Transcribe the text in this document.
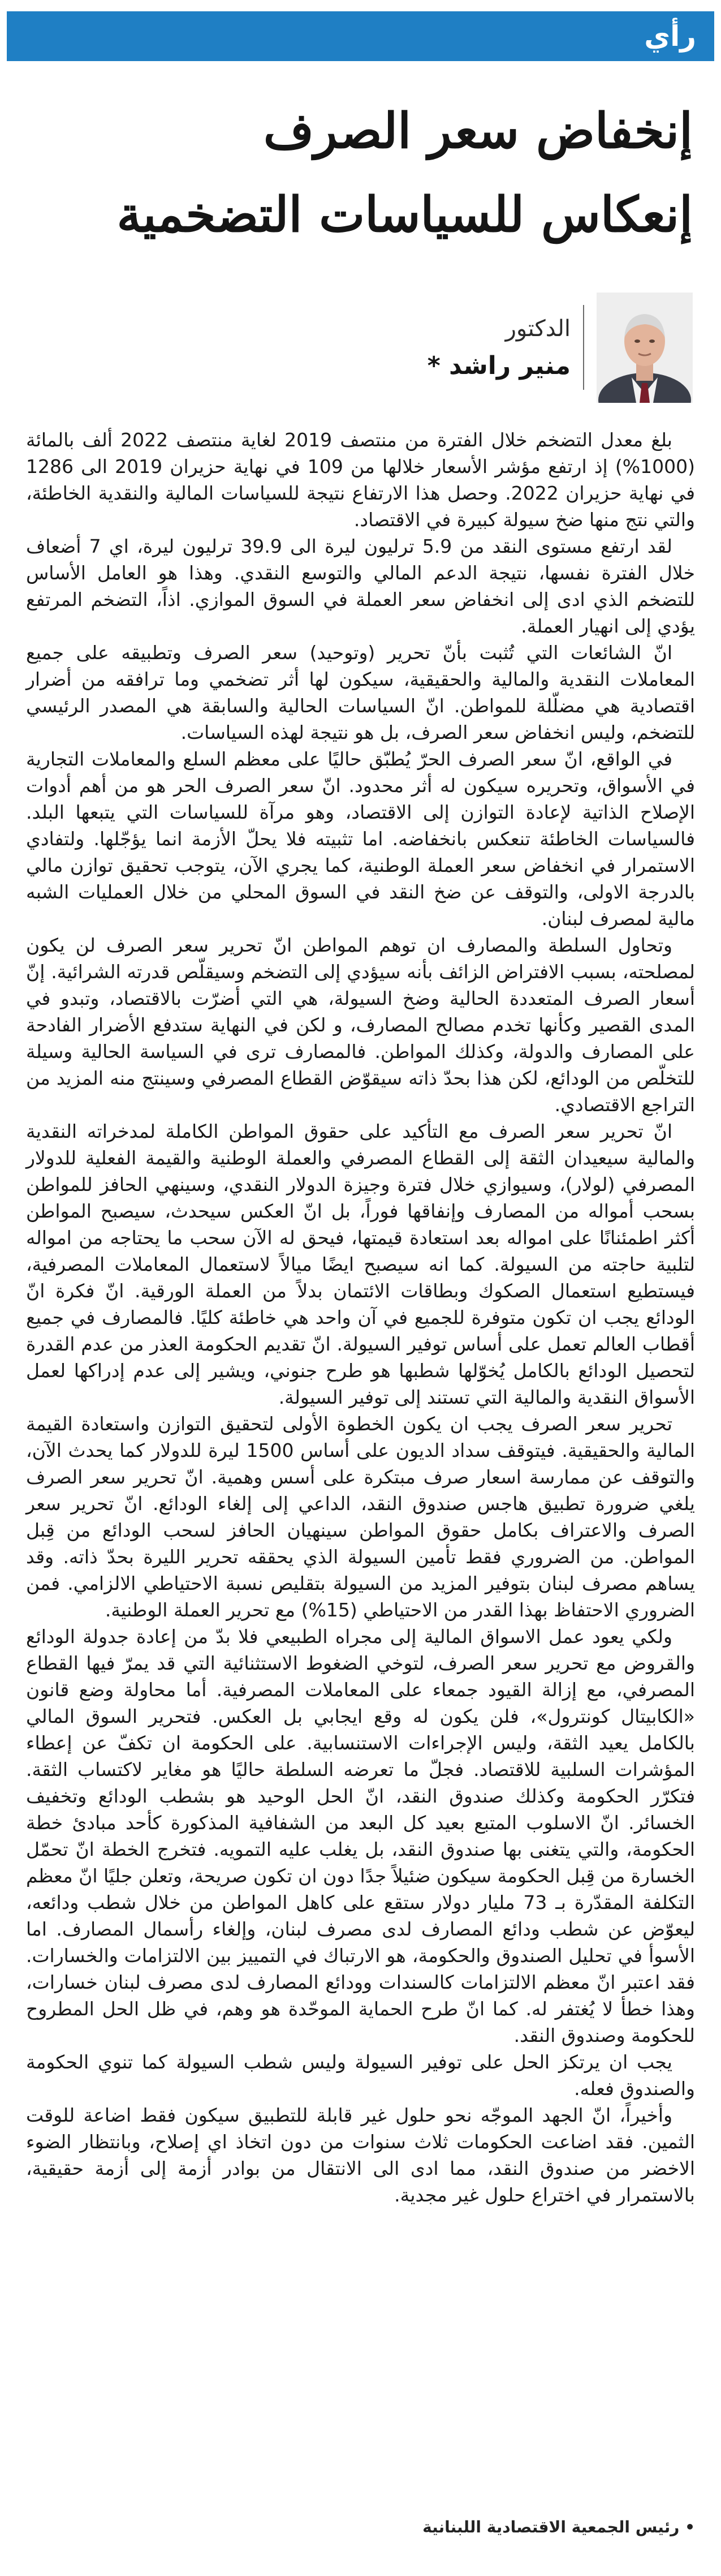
رأي
إنخفاض سعر الصرف
إنعكاس للسياسات التضخمية
الدكتور
منير راشد *

بلغ معدل التضخم خلال الفترة من منتصف 2019 لغاية منتصف 2022 ألف بالمائة (1000%) إذ ارتفع مؤشر الأسعار خلالها من 109 في نهاية حزيران 2019 الى 1286 في نهاية حزيران 2022. وحصل هذا الارتفاع نتيجة للسياسات المالية والنقدية الخاطئة، والتي نتج منها ضخ سيولة كبيرة في الاقتصاد.

لقد ارتفع مستوى النقد من 5.9 ترليون ليرة الى 39.9 ترليون ليرة، اي 7 أضعاف خلال الفترة نفسها، نتيجة الدعم المالي والتوسع النقدي. وهذا هو العامل الأساس للتضخم الذي ادى إلى انخفاض سعر العملة في السوق الموازي. اذاً، التضخم المرتفع يؤدي إلى انهيار العملة.

انّ الشائعات التي تُثبت بأنّ تحرير (وتوحيد) سعر الصرف وتطبيقه على جميع المعاملات النقدية والمالية والحقيقية، سيكون لها أثر تضخمي وما ترافقه من أضرار اقتصادية هي مضلّلة للمواطن. انّ السياسات الحالية والسابقة هي المصدر الرئيسي للتضخم، وليس انخفاض سعر الصرف، بل هو نتيجة لهذه السياسات.

في الواقع، انّ سعر الصرف الحرّ يُطبّق حاليًا على معظم السلع والمعاملات التجارية في الأسواق، وتحريره سيكون له أثر محدود. انّ سعر الصرف الحر هو من أهم أدوات الإصلاح الذاتية لإعادة التوازن إلى الاقتصاد، وهو مرآة للسياسات التي يتبعها البلد. فالسياسات الخاطئة تنعكس بانخفاضه. اما تثبيته فلا يحلّ الأزمة انما يؤجّلها. ولتفادي الاستمرار في انخفاض سعر العملة الوطنية، كما يجري الآن، يتوجب تحقيق توازن مالي بالدرجة الاولى، والتوقف عن ضخ النقد في السوق المحلي من خلال العمليات الشبه مالية لمصرف لبنان.

وتحاول السلطة والمصارف ان توهم المواطن انّ تحرير سعر الصرف لن يكون لمصلحته، بسبب الافتراض الزائف بأنه سيؤدي إلى التضخم وسيقلّص قدرته الشرائية. إنّ أسعار الصرف المتعددة الحالية وضخ السيولة، هي التي أضرّت بالاقتصاد، وتبدو في المدى القصير وكأنها تخدم مصالح المصارف، و لكن في النهاية ستدفع الأضرار الفادحة على المصارف والدولة، وكذلك المواطن. فالمصارف ترى في السياسة الحالية وسيلة للتخلّص من الودائع، لكن هذا بحدّ ذاته سيقوّض القطاع المصرفي وسينتج منه المزيد من التراجع الاقتصادي.

انّ تحرير سعر الصرف مع التأكيد على حقوق المواطن الكاملة لمدخراته النقدية والمالية سيعيدان الثقة إلى القطاع المصرفي والعملة الوطنية والقيمة الفعلية للدولار المصرفي (لولار)، وسيوازي خلال فترة وجيزة الدولار النقدي، وسينهي الحافز للمواطن بسحب أمواله من المصارف وإنفاقها فوراً، بل انّ العكس سيحدث، سيصبح المواطن أكثر اطمئنانًا على امواله بعد استعادة قيمتها، فيحق له الآن سحب ما يحتاجه من امواله لتلبية حاجته من السيولة. كما انه سيصبح ايضًا ميالاً لاستعمال المعاملات المصرفية، فيستطيع استعمال الصكوك وبطاقات الائتمان بدلاً من العملة الورقية. انّ فكرة انّ الودائع يجب ان تكون متوفرة للجميع في آن واحد هي خاطئة كليًا. فالمصارف في جميع أقطاب العالم تعمل على أساس توفير السيولة. انّ تقديم الحكومة العذر من عدم القدرة لتحصيل الودائع بالكامل يُخوّلها شطبها هو طرح جنوني، ويشير إلى عدم إدراكها لعمل الأسواق النقدية والمالية التي تستند إلى توفير السيولة.

تحرير سعر الصرف يجب ان يكون الخطوة الأولى لتحقيق التوازن واستعادة القيمة المالية والحقيقية. فيتوقف سداد الديون على أساس 1500 ليرة للدولار كما يحدث الآن، والتوقف عن ممارسة اسعار صرف مبتكرة على أسس وهمية. انّ تحرير سعر الصرف يلغي ضرورة تطبيق هاجس صندوق النقد، الداعي إلى إلغاء الودائع. انّ تحرير سعر الصرف والاعتراف بكامل حقوق المواطن سينهيان الحافز لسحب الودائع من قِبل المواطن. من الضروري فقط تأمين السيولة الذي يحققه تحرير الليرة بحدّ ذاته. وقد يساهم مصرف لبنان بتوفير المزيد من السيولة بتقليص نسبة الاحتياطي الالزامي. فمن الضروري الاحتفاظ بهذا القدر من الاحتياطي (15%) مع تحرير العملة الوطنية.

ولكي يعود عمل الاسواق المالية إلى مجراه الطبيعي فلا بدّ من إعادة جدولة الودائع والقروض مع تحرير سعر الصرف، لتوخي الضغوط الاستثنائية التي قد يمرّ فيها القطاع المصرفي، مع إزالة القيود جمعاء على المعاملات المصرفية. أما محاولة وضع قانون «الكابيتال كونترول»، فلن يكون له وقع ايجابي بل العكس. فتحرير السوق المالي بالكامل يعيد الثقة، وليس الإجراءات الاستنسابية. على الحكومة ان تكفّ عن إعطاء المؤشرات السلبية للاقتصاد. فجلّ ما تعرضه السلطة حاليًا هو مغاير لاكتساب الثقة. فتكرّر الحكومة وكذلك صندوق النقد، انّ الحل الوحيد هو بشطب الودائع وتخفيف الخسائر. انّ الاسلوب المتبع بعيد كل البعد من الشفافية المذكورة كأحد مبادئ خطة الحكومة، والتي يتغنى بها صندوق النقد، بل يغلب عليه التمويه. فتخرج الخطة انّ تحمّل الخسارة من قِبل الحكومة سيكون ضئيلاً جدًا دون ان تكون صريحة، وتعلن جليًا انّ معظم التكلفة المقدّرة بـ 73 مليار دولار ستقع على كاهل المواطن من خلال شطب ودائعه، ليعوّض عن شطب ودائع المصارف لدى مصرف لبنان، وإلغاء رأسمال المصارف. اما الأسوأ في تحليل الصندوق والحكومة، هو الارتباك في التمييز بين الالتزامات والخسارات. فقد اعتبر انّ معظم الالتزامات كالسندات وودائع المصارف لدى مصرف لبنان خسارات، وهذا خطأ لا يُغتفر له. كما انّ طرح الحماية الموحّدة هو وهم، في ظل الحل المطروح للحكومة وصندوق النقد.

يجب ان يرتكز الحل على توفير السيولة وليس شطب السيولة كما تنوي الحكومة والصندوق فعله.

وأخيراً، انّ الجهد الموجّه نحو حلول غير قابلة للتطبيق سيكون فقط اضاعة للوقت الثمين. فقد اضاعت الحكومات ثلاث سنوات من دون اتخاذ اي إصلاح، وبانتظار الضوء الاخضر من صندوق النقد، مما ادى الى الانتقال من بوادر أزمة إلى أزمة حقيقية، بالاستمرار في اختراع حلول غير مجدية.

• رئيس الجمعية الاقتصادية اللبنانية
